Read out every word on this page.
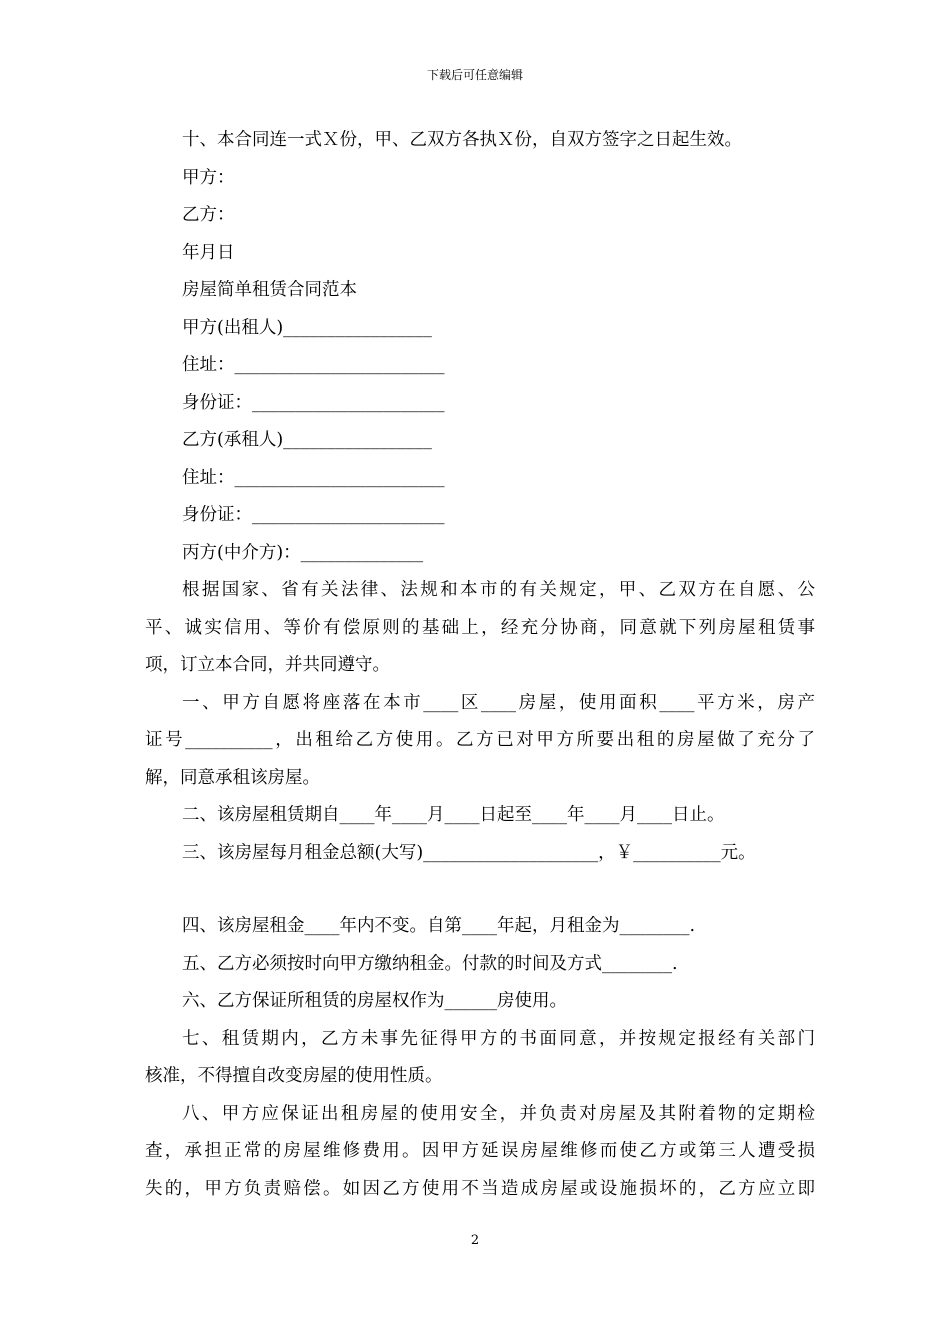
下载后可任意编辑
十、本合同连一式Ｘ份，甲、乙双方各执Ｘ份，自双方签字之日起生效。
甲方：
乙方：
年月日
房屋简单租赁合同范本
甲方(出租人)_________________
住址：________________________
身份证：______________________
乙方(承租人)_________________
住址：________________________
身份证：______________________
丙方(中介方)：______________
根据国家、省有关法律、法规和本市的有关规定，甲、乙双方在自愿、公
平、诚实信用、等价有偿原则的基础上，经充分协商，同意就下列房屋租赁事
项，订立本合同，并共同遵守。
一、甲方自愿将座落在本市____区____房屋，使用面积____平方米，房产
证号__________，出租给乙方使用。乙方已对甲方所要出租的房屋做了充分了
解，同意承租该房屋。
二、该房屋租赁期自____年____月____日起至____年____月____日止。
三、该房屋每月租金总额(大写)____________________，￥__________元。
四、该房屋租金____年内不变。自第____年起，月租金为________.
五、乙方必须按时向甲方缴纳租金。付款的时间及方式________.
六、乙方保证所租赁的房屋权作为______房使用。
七、租赁期内，乙方未事先征得甲方的书面同意，并按规定报经有关部门
核准，不得擅自改变房屋的使用性质。
八、甲方应保证出租房屋的使用安全，并负责对房屋及其附着物的定期检
查，承担正常的房屋维修费用。因甲方延误房屋维修而使乙方或第三人遭受损
失的，甲方负责赔偿。如因乙方使用不当造成房屋或设施损坏的，乙方应立即
2
